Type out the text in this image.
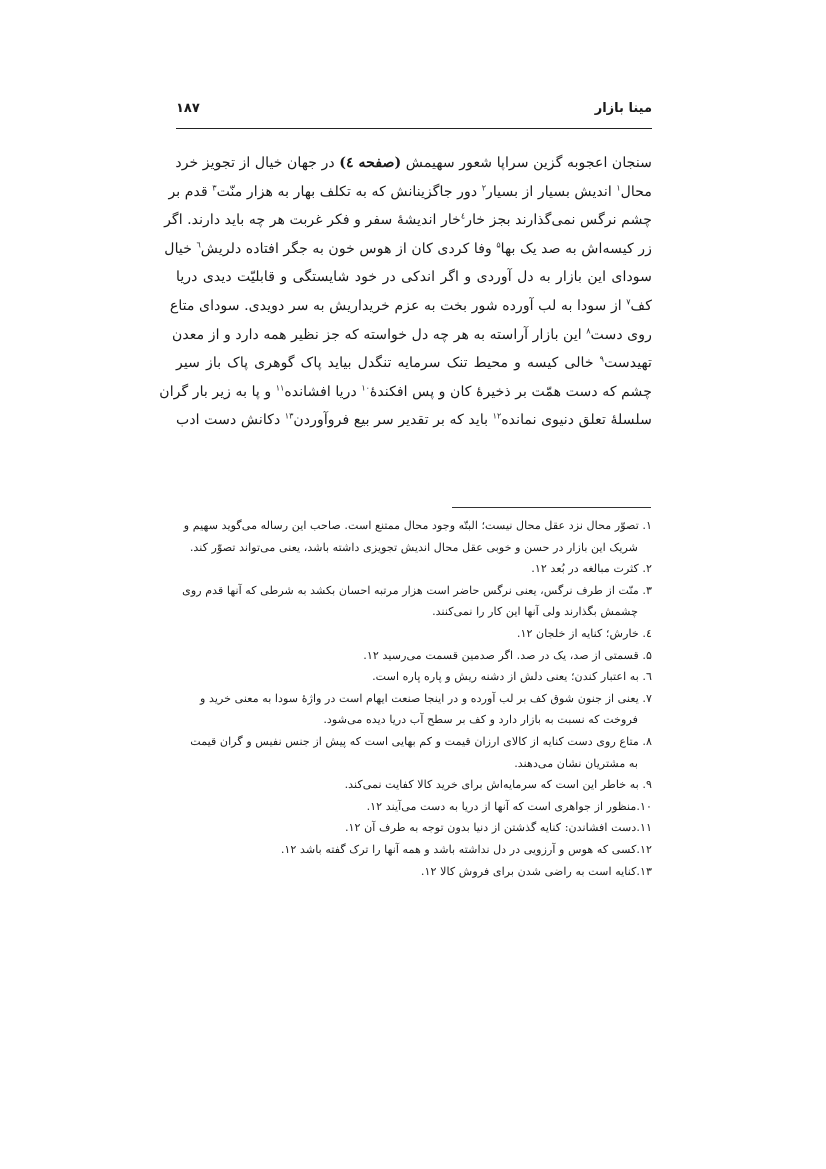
مینا بازار
۱۸۷
سنجان اعجوبه گزین سراپا شعور سهیمش (صفحه ٤) در جهان خیال از تجویز خرد
محال$^۱$ اندیش بسیار از بسیار$^۲$ دور جاگزینانش که به تکلف بهار به هزار منّت$^۳$ قدم بر
چشم نرگس نمی‌گذارند بجز خار$^٤$خار اندیشهٔ سفر و فکر غربت هر چه باید دارند. اگر
زر کیسه‌اش به صد یک بها$^۵$ وفا کردی کان از هوس خون به جگر افتاده دلریش$^٦$ خیال
سودای این بازار به دل آوردی و اگر اندکی در خود شایستگی و قابلیّت دیدی دریا
کف$^۷$ از سودا به لب آورده شور بخت به عزم خریداریش به سر دویدی. سودای متاع
روی دست$^۸$ این بازار آراسته به هر چه دل خواسته که جز نظیر همه دارد و از معدن
تهیدست$^۹$ خالی کیسه و محیط تنک سرمایه تنگدل بیاید پاک گوهری پاک باز سیر
چشم که دست همّت بر ذخیرهٔ کان و پس افکندهٔ$^{۱۰}$ دریا افشانده$^{۱۱}$ و پا به زیر بار گران
سلسلهٔ تعلق دنیوی نمانده$^{۱۲}$ باید که بر تقدیر سر بیع فروآوردن$^{۱۳}$ دکانش دست ادب
۱. تصوّر محال نزد عقل محال نیست؛ البتّه وجود محال ممتنع است. صاحب این رساله می‌گوید سهیم و
شریک این بازار در حسن و خوبی عقل محال اندیش تجویزی داشته باشد، یعنی می‌تواند تصوّر کند.
۲. کثرت مبالغه در بُعد ۱۲.
۳. منّت از طرف نرگس، یعنی نرگس حاضر است هزار مرتبه احسان بکشد به شرطی که آنها قدم روی
چشمش بگذارند ولی آنها این کار را نمی‌کنند.
٤. خارش؛ کنایه از خلجان ۱۲.
۵. قسمتی از صد، یک در صد. اگر صدمین قسمت می‌رسید ۱۲.
٦. به اعتبار کندن؛ یعنی دلش از دشنه ریش و پاره پاره است.
۷. یعنی از جنون شوق کف بر لب آورده و در اینجا صنعت ایهام است در واژهٔ سودا به معنی خرید و
فروخت که نسبت به بازار دارد و کف بر سطح آب دریا دیده می‌شود.
۸. متاع روی دست کنایه از کالای ارزان قیمت و کم بهایی است که پیش از جنس نفیس و گران قیمت
به مشتریان نشان می‌دهند.
۹. به خاطر این است که سرمایه‌اش برای خرید کالا کفایت نمی‌کند.
۱۰.منظور از جواهری است که آنها از دریا به دست می‌آیند ۱۲.
۱۱.دست افشاندن: کنایه گذشتن از دنیا بدون توجه به طرف آن ۱۲.
۱۲.کسی که هوس و آرزویی در دل نداشته باشد و همه آنها را ترک گفته باشد ۱۲.
۱۳.کنایه است به راضی شدن برای فروش کالا ۱۲.
